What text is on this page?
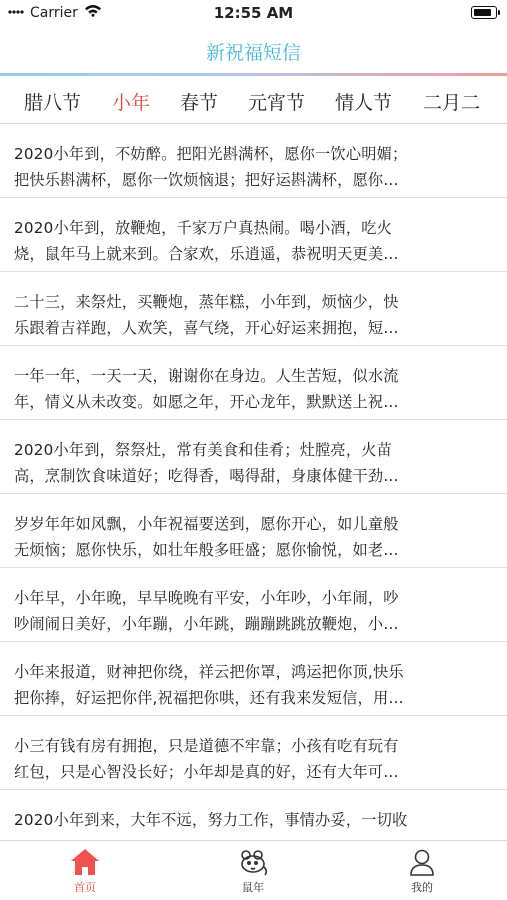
Carrier	12:55 AM
新祝福短信
腊八节 小年 春节 元宵节 情人节 二月二
2020小年到，不妨醉。把阳光斟满杯，愿你一饮心明媚；
把快乐斟满杯，愿你一饮烦恼退；把好运斟满杯，愿你…
2020小年到，放鞭炮，千家万户真热闹。喝小酒，吃火
烧，鼠年马上就来到。合家欢，乐逍遥，恭祝明天更美…
二十三，来祭灶，买鞭炮，蒸年糕，小年到，烦恼少，快
乐跟着吉祥跑，人欢笑，喜气绕，开心好运来拥抱，短…
一年一年，一天一天，谢谢你在身边。人生苦短，似水流
年，情义从未改变。如愿之年，开心龙年，默默送上祝…
2020小年到，祭祭灶，常有美食和佳肴；灶膛亮，火苗
高，烹制饮食味道好；吃得香，喝得甜，身康体健干劲…
岁岁年年如风飘，小年祝福要送到，愿你开心，如儿童般
无烦恼；愿你快乐，如壮年般多旺盛；愿你愉悦，如老…
小年早，小年晚，早早晚晚有平安，小年吵，小年闹，吵
吵闹闹日美好，小年蹦，小年跳，蹦蹦跳跳放鞭炮，小…
小年来报道，财神把你绕，祥云把你罩，鸿运把你顶,快乐
把你捧，好运把你伴,祝福把你哄，还有我来发短信，用…
小三有钱有房有拥抱，只是道德不牢靠；小孩有吃有玩有
红包，只是心智没长好；小年却是真的好，还有大年可…
2020小年到来，大年不远，努力工作，事情办妥，一切收
首页	鼠年	我的
